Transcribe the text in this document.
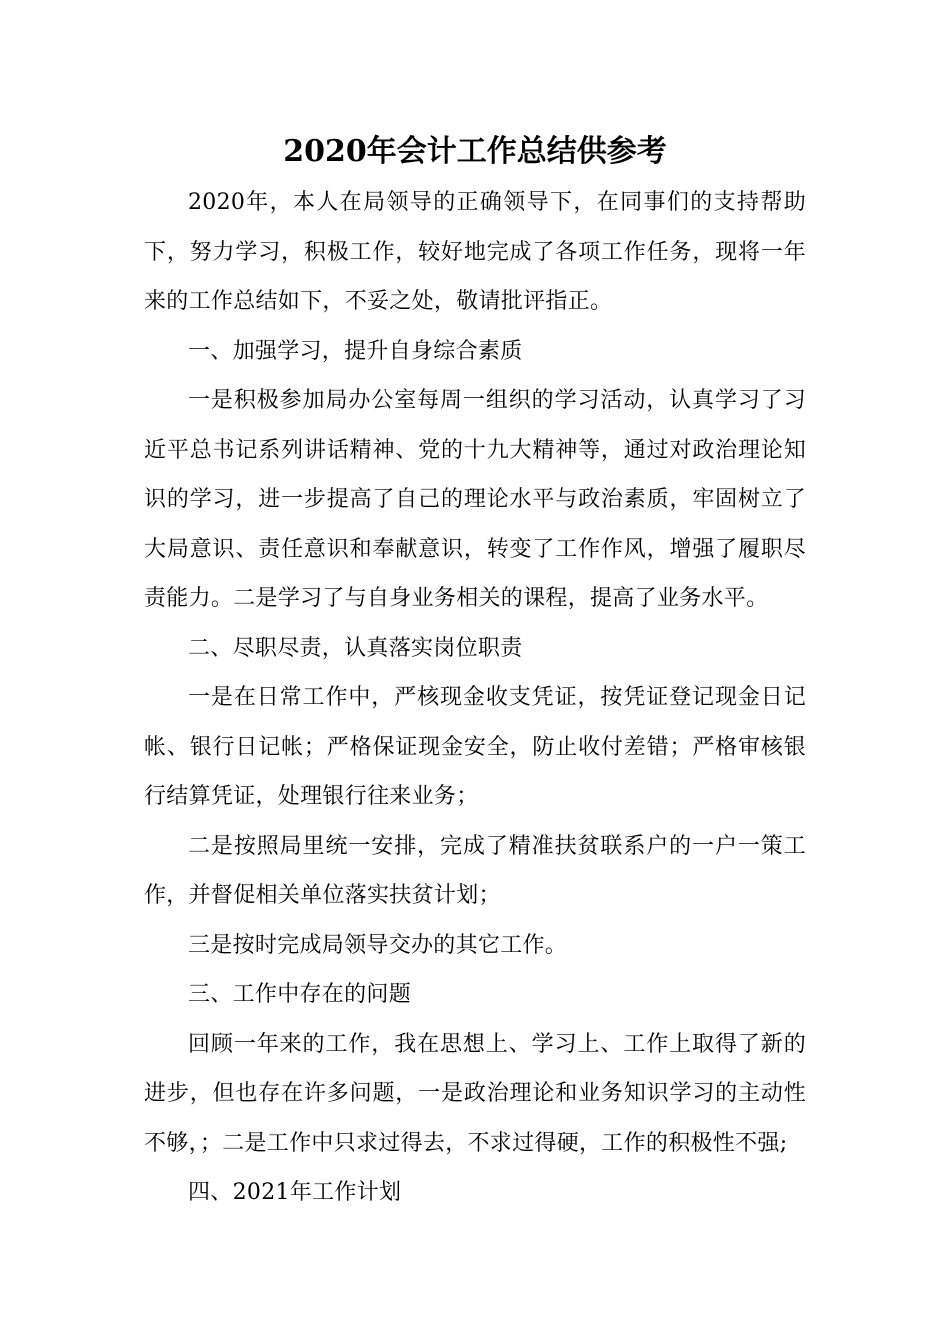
2020年会计工作总结供参考

2020年，本人在局领导的正确领导下，在同事们的支持帮助下，努力学习，积极工作，较好地完成了各项工作任务，现将一年来的工作总结如下，不妥之处，敬请批评指正。

一、加强学习，提升自身综合素质

一是积极参加局办公室每周一组织的学习活动，认真学习了习近平总书记系列讲话精神、党的十九大精神等，通过对政治理论知识的学习，进一步提高了自己的理论水平与政治素质，牢固树立了大局意识、责任意识和奉献意识，转变了工作作风，增强了履职尽责能力。二是学习了与自身业务相关的课程，提高了业务水平。

二、尽职尽责，认真落实岗位职责

一是在日常工作中，严核现金收支凭证，按凭证登记现金日记帐、银行日记帐；严格保证现金安全，防止收付差错；严格审核银行结算凭证，处理银行往来业务；

二是按照局里统一安排，完成了精准扶贫联系户的一户一策工作，并督促相关单位落实扶贫计划；

三是按时完成局领导交办的其它工作。

三、工作中存在的问题

回顾一年来的工作，我在思想上、学习上、工作上取得了新的进步，但也存在许多问题，一是政治理论和业务知识学习的主动性不够，；二是工作中只求过得去，不求过得硬，工作的积极性不强;

四、2021年工作计划
